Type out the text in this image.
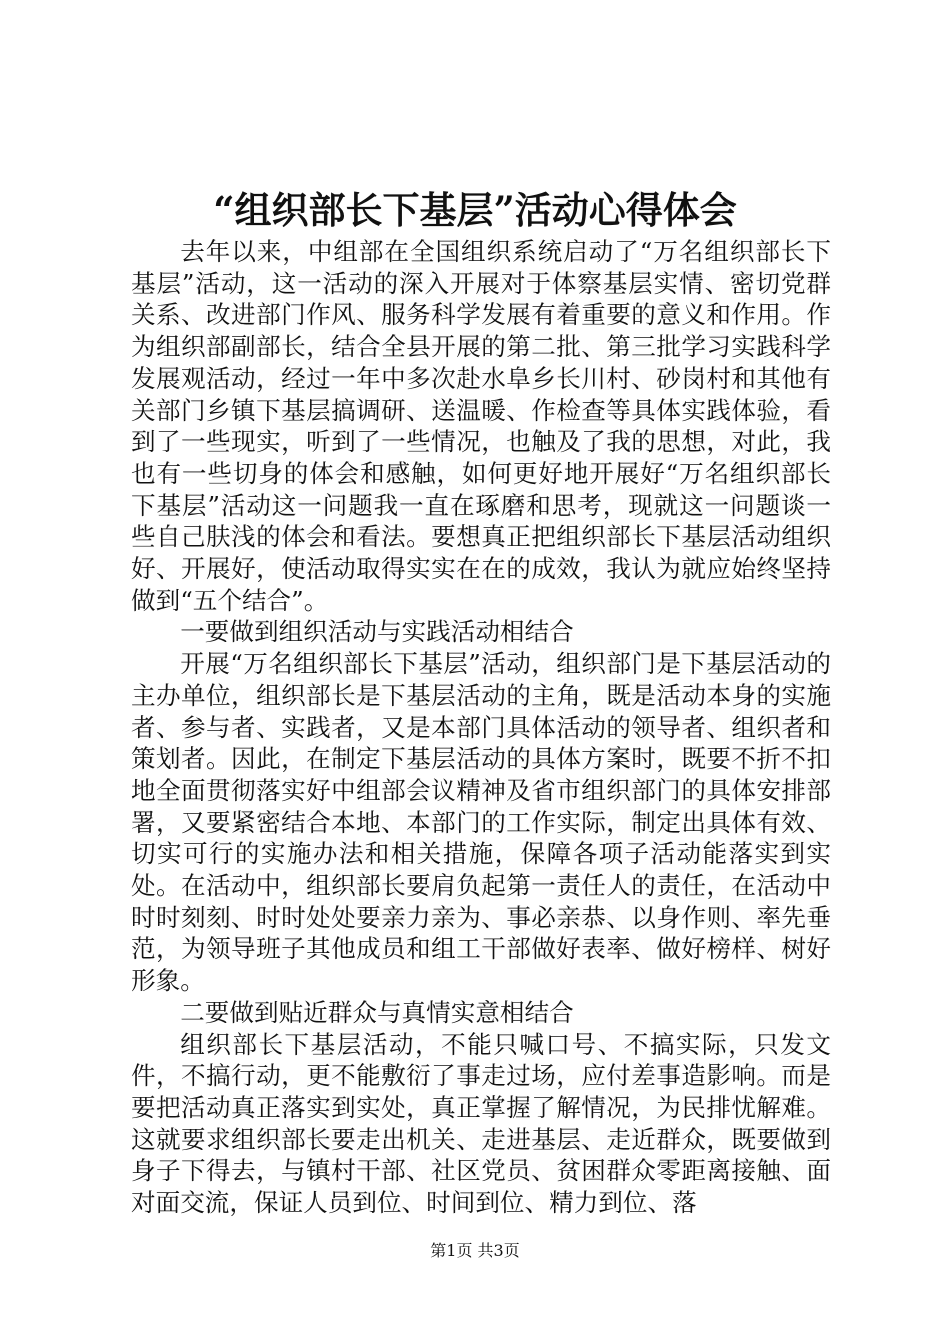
“组织部长下基层”活动心得体会

去年以来，中组部在全国组织系统启动了“万名组织部长下基层”活动，这一活动的深入开展对于体察基层实情、密切党群关系、改进部门作风、服务科学发展有着重要的意义和作用。作为组织部副部长，结合全县开展的第二批、第三批学习实践科学发展观活动，经过一年中多次赴水阜乡长川村、砂岗村和其他有关部门乡镇下基层搞调研、送温暖、作检查等具体实践体验，看到了一些现实，听到了一些情况，也触及了我的思想，对此，我也有一些切身的体会和感触，如何更好地开展好“万名组织部长下基层”活动这一问题我一直在琢磨和思考，现就这一问题谈一些自己肤浅的体会和看法。要想真正把组织部长下基层活动组织好、开展好，使活动取得实实在在的成效，我认为就应始终坚持做到“五个结合”。

一要做到组织活动与实践活动相结合

开展“万名组织部长下基层”活动，组织部门是下基层活动的主办单位，组织部长是下基层活动的主角，既是活动本身的实施者、参与者、实践者，又是本部门具体活动的领导者、组织者和策划者。因此，在制定下基层活动的具体方案时，既要不折不扣地全面贯彻落实好中组部会议精神及省市组织部门的具体安排部署，又要紧密结合本地、本部门的工作实际，制定出具体有效、切实可行的实施办法和相关措施，保障各项子活动能落实到实处。在活动中，组织部长要肩负起第一责任人的责任，在活动中时时刻刻、时时处处要亲力亲为、事必亲恭、以身作则、率先垂范，为领导班子其他成员和组工干部做好表率、做好榜样、树好形象。

二要做到贴近群众与真情实意相结合

组织部长下基层活动，不能只喊口号、不搞实际，只发文件，不搞行动，更不能敷衍了事走过场，应付差事造影响。而是要把活动真正落实到实处，真正掌握了解情况，为民排忧解难。这就要求组织部长要走出机关、走进基层、走近群众，既要做到身子下得去，与镇村干部、社区党员、贫困群众零距离接触、面对面交流，保证人员到位、时间到位、精力到位、落

第1页 共3页
